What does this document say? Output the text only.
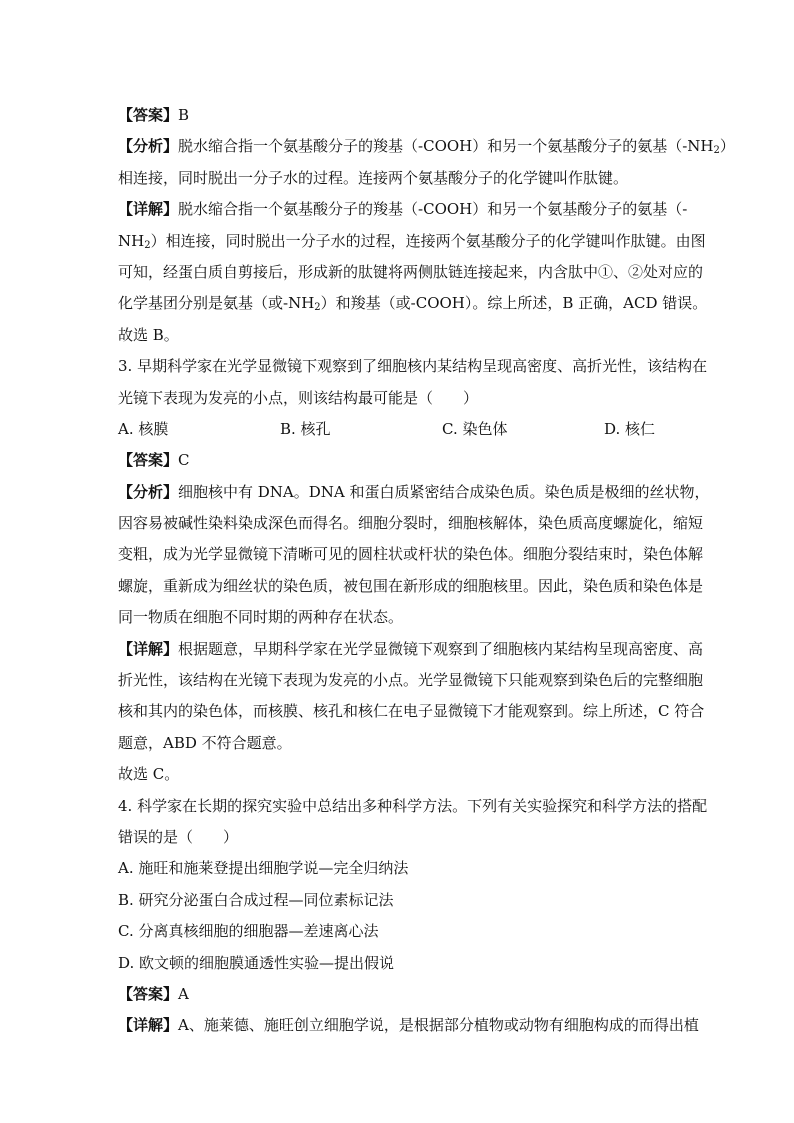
【答案】B
【分析】脱水缩合指一个氨基酸分子的羧基（-COOH）和另一个氨基酸分子的氨基$(-NH_2)$
相连接，同时脱出一分子水的过程。连接两个氨基酸分子的化学键叫作肽键。
【详解】脱水缩合指一个氨基酸分子的羧基（-COOH）和另一个氨基酸分子的氨基（-
$NH_2$）相连接，同时脱出一分子水的过程，连接两个氨基酸分子的化学键叫作肽键。由图
可知，经蛋白质自剪接后，形成新的肽键将两侧肽链连接起来，内含肽中①、②处对应的
化学基团分别是氨基（或$-NH_2$）和羧基（或-COOH）。综上所述，B 正确，ACD 错误。
故选 B。
3. 早期科学家在光学显微镜下观察到了细胞核内某结构呈现高密度、高折光性，该结构在
光镜下表现为发亮的小点，则该结构最可能是（　　）
A. 核膜	B. 核孔	C. 染色体	D. 核仁
【答案】C
【分析】细胞核中有 DNA。DNA 和蛋白质紧密结合成染色质。染色质是极细的丝状物，
因容易被碱性染料染成深色而得名。细胞分裂时，细胞核解体，染色质高度螺旋化，缩短
变粗，成为光学显微镜下清晰可见的圆柱状或杆状的染色体。细胞分裂结束时，染色体解
螺旋，重新成为细丝状的染色质，被包围在新形成的细胞核里。因此，染色质和染色体是
同一物质在细胞不同时期的两种存在状态。
【详解】根据题意，早期科学家在光学显微镜下观察到了细胞核内某结构呈现高密度、高
折光性，该结构在光镜下表现为发亮的小点。光学显微镜下只能观察到染色后的完整细胞
核和其内的染色体，而核膜、核孔和核仁在电子显微镜下才能观察到。综上所述，C 符合
题意，ABD 不符合题意。
故选 C。
4. 科学家在长期的探究实验中总结出多种科学方法。下列有关实验探究和科学方法的搭配
错误的是（　　）
A. 施旺和施莱登提出细胞学说—完全归纳法
B. 研究分泌蛋白合成过程—同位素标记法
C. 分离真核细胞的细胞器—差速离心法
D. 欧文顿的细胞膜通透性实验—提出假说
【答案】A
【详解】A、施莱德、施旺创立细胞学说，是根据部分植物或动物有细胞构成的而得出植
